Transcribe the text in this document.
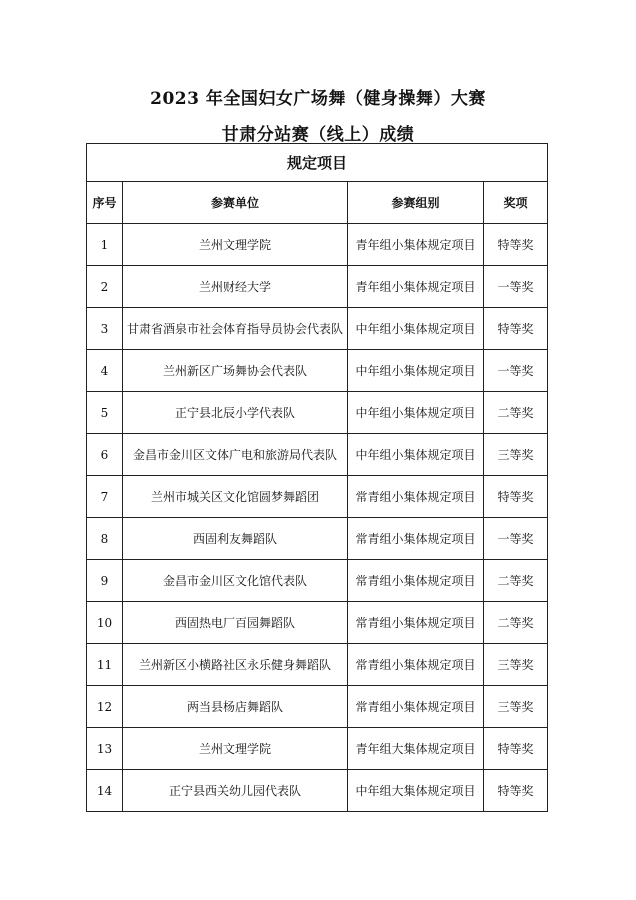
2023 年全国妇女广场舞（健身操舞）大赛
甘肃分站赛（线上）成绩
规定项目			
序号	参赛单位	参赛组别	奖项
1	兰州文理学院	青年组小集体规定项目	特等奖
2	兰州财经大学	青年组小集体规定项目	一等奖
3	甘肃省酒泉市社会体育指导员协会代表队	中年组小集体规定项目	特等奖
4	兰州新区广场舞协会代表队	中年组小集体规定项目	一等奖
5	正宁县北辰小学代表队	中年组小集体规定项目	二等奖
6	金昌市金川区文体广电和旅游局代表队	中年组小集体规定项目	三等奖
7	兰州市城关区文化馆圆梦舞蹈团	常青组小集体规定项目	特等奖
8	西固利友舞蹈队	常青组小集体规定项目	一等奖
9	金昌市金川区文化馆代表队	常青组小集体规定项目	二等奖
10	西固热电厂百园舞蹈队	常青组小集体规定项目	二等奖
11	兰州新区小横路社区永乐健身舞蹈队	常青组小集体规定项目	三等奖
12	两当县杨店舞蹈队	常青组小集体规定项目	三等奖
13	兰州文理学院	青年组大集体规定项目	特等奖
14	正宁县西关幼儿园代表队	中年组大集体规定项目	特等奖
